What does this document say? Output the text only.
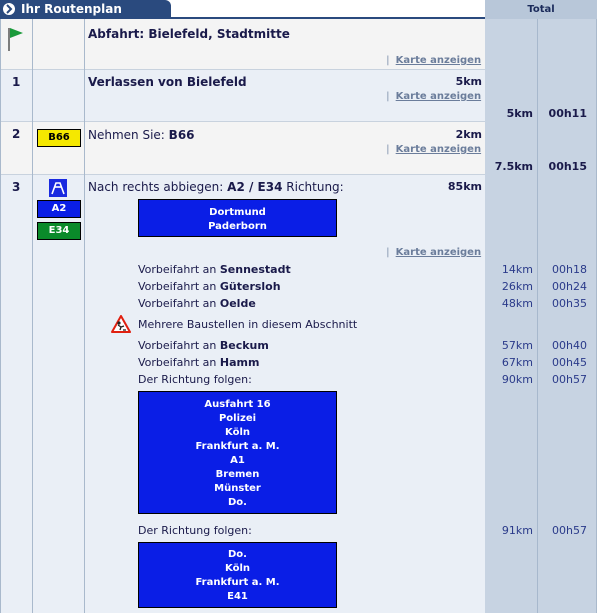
Ihr Routenplan	Total
Abfahrt: Bielefeld, Stadtmitte
| Karte anzeigen
1	Verlassen von Bielefeld	5km
| Karte anzeigen
5km 00h11
2	B66	Nehmen Sie: B66	2km
| Karte anzeigen
7.5km 00h15
3
A2
E34
Nach rechts abbiegen: A2 / E34 Richtung:	85km
Dortmund
Paderborn
| Karte anzeigen
Vorbeifahrt an Sennestadt	14km 00h18
Vorbeifahrt an Gütersloh	26km 00h24
Vorbeifahrt an Oelde	48km 00h35
Mehrere Baustellen in diesem Abschnitt
Vorbeifahrt an Beckum	57km 00h40
Vorbeifahrt an Hamm	67km 00h45
Der Richtung folgen:	90km 00h57
Ausfahrt 16
Polizei
Köln
Frankfurt a. M.
A1
Bremen
Münster
Do.
Der Richtung folgen:	91km 00h57
Do.
Köln
Frankfurt a. M.
E41
